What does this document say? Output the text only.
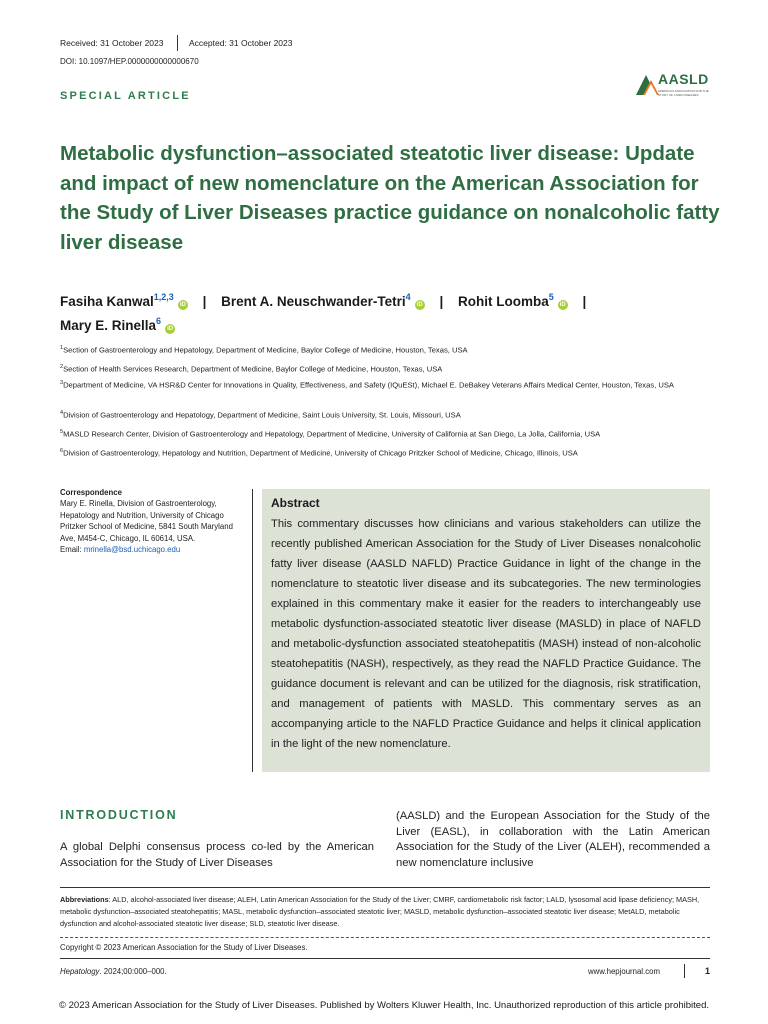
Received: 31 October 2023	Accepted: 31 October 2023
DOI: 10.1097/HEP.0000000000000670
AASLD
AMERICAN ASSOCIATION FOR THE STUDY OF LIVER DISEASES
SPECIAL ARTICLE
Metabolic dysfunction–associated steatotic liver disease: Update and impact of new nomenclature on the American Association for the Study of Liver Diseases practice guidance on nonalcoholic fatty liver disease
Fasiha Kanwal$^{1,2,3}$iD | Brent A. Neuschwander-Tetri$^4$iD | Rohit Loomba$^5$iD |
Mary E. Rinella$^6$iD
$^1$Section of Gastroenterology and Hepatology, Department of Medicine, Baylor College of Medicine, Houston, Texas, USA
$^2$Section of Health Services Research, Department of Medicine, Baylor College of Medicine, Houston, Texas, USA
$^3$Department of Medicine, VA HSR&D Center for Innovations in Quality, Effectiveness, and Safety (IQuESt), Michael E. DeBakey Veterans Affairs Medical Center, Houston, Texas, USA
$^4$Division of Gastroenterology and Hepatology, Department of Medicine, Saint Louis University, St. Louis, Missouri, USA
$^5$MASLD Research Center, Division of Gastroenterology and Hepatology, Department of Medicine, University of California at San Diego, La Jolla, California, USA
$^6$Division of Gastroenterology, Hepatology and Nutrition, Department of Medicine, University of Chicago Pritzker School of Medicine, Chicago, Illinois, USA
Correspondence
Mary E. Rinella, Division of Gastroenterology, Hepatology and Nutrition, University of Chicago Pritzker School of Medicine, 5841 South Maryland Ave, M454-C, Chicago, IL 60614, USA.
Email: mrinella@bsd.uchicago.edu
Abstract
This commentary discusses how clinicians and various stakeholders can utilize the recently published American Association for the Study of Liver Diseases nonalcoholic fatty liver disease (AASLD NAFLD) Practice Guidance in light of the change in the nomenclature to steatotic liver disease and its subcategories. The new terminologies explained in this commentary make it easier for the readers to interchangeably use metabolic dysfunction-associated steatotic liver disease (MASLD) in place of NAFLD and metabolic-dysfunction associated steatohepatitis (MASH) instead of non-alcoholic steatohepatitis (NASH), respectively, as they read the NAFLD Practice Guidance. The guidance document is relevant and can be utilized for the diagnosis, risk stratification, and management of patients with MASLD. This commentary serves as an accompanying article to the NAFLD Practice Guidance and helps it clinical application in the light of the new nomenclature.
INTRODUCTION
A global Delphi consensus process co-led by the American Association for the Study of Liver Diseases
(AASLD) and the European Association for the Study of the Liver (EASL), in collaboration with the Latin American Association for the Study of the Liver (ALEH), recommended a new nomenclature inclusive
Abbreviations: ALD, alcohol-associated liver disease; ALEH, Latin American Association for the Study of the Liver; CMRF, cardiometabolic risk factor; LALD, lysosomal acid lipase deficiency; MASH, metabolic dysfunction–associated steatohepatitis; MASL, metabolic dysfunction–associated steatotic liver; MASLD, metabolic dysfunction–associated steatotic liver disease; MetALD, metabolic dysfunction and alcohol-associated steatotic liver disease; SLD, steatotic liver disease.
Copyright © 2023 American Association for the Study of Liver Diseases.
Hepatology. 2024;00:000–000.	www.hepjournal.com	1
© 2023 American Association for the Study of Liver Diseases. Published by Wolters Kluwer Health, Inc. Unauthorized reproduction of this article prohibited.
